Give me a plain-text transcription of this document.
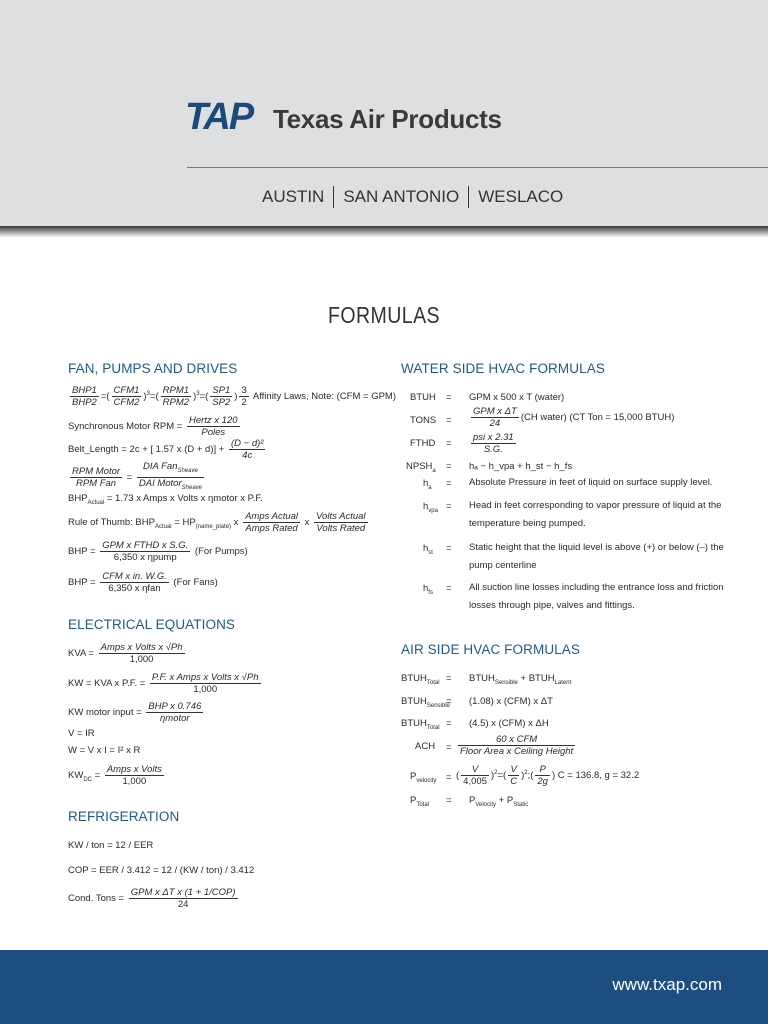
TAP Texas Air Products
AUSTIN	SAN ANTONIO	WESLACO
FORMULAS
FAN, PUMPS AND DRIVES
$\frac{\text{BHP1}}{\text{BHP2}}$ =( $\frac{\text{CFM1}}{\text{CFM2}} )^3=( \frac{\text{RPM1}}{\text{RPM2}} )^3=( \frac{SP1}{SP2}$ ) $\frac{3}{2}$ Affinity Laws, Note: (CFM = GPM)
Synchronous Motor RPM = $\frac{\text{Hertz x 120}}{\text{Poles}}$
Belt_Length = 2c + [ 1.57 x $(D + d)] + \frac{\text{(D − d)²}}{4c}$
$\frac{\text{RPM Motor}}{\text{RPM Fan}} = \frac{DIA Fan_{Sheave}}{DAI Motor_{Sheave}}$
$BHP_{Actual} = 1.73$ x Amps x Volts x ηmotor x P.F.
Rule of Thumb: $BHP_{Actual} = HP_{(name\_plate)}$ x $\frac{\text{Amps Actual}}{\text{Amps Rated}}$ x $\frac{\text{Volts Actual}}{\text{Volts Rated}}$
BHP = $\frac{\text{GPM x FTHD x S.G.}}{\text{6,350 x ηpump}} (For$ Pumps)
BHP = $\frac{\text{CFM x in. W.G.}}{\text{6,350 x ηfan}} (For$ Fans)
ELECTRICAL EQUATIONS
KVA = $\frac{\text{Amps x Volts x √Ph}}{1,000}$
KW = KVA x P.F. = $\frac{\text{P.F. x Amps x Volts x √Ph}}{1,000}$
KW motor input = $\frac{\text{BHP x 0.746}}{\text{ηmotor}}$
V = IR
W = V x I = I² x R
$KW_{DC} = \frac{\text{Amps x Volts}}{1,000}$
REFRIGERATION
KW / ton = 12 / EER
COP = EER / 3.412 = 12 / (KW / ton) / 3.412
Cond. Tons = $\frac{\text{GPM x ΔT x (1 + 1/COP)}}{24}$
WATER SIDE HVAC FORMULAS
BTUH = GPM x 500 x T (water)
TONS = $\frac{\text{GPM x ΔT}}{24} (CH$ water) (CT Ton = 15,000 BTUH)
FTHD = $\frac{\text{psi x 2.31}}{S.G.}$
$NPSH_a = h_a$ − h_vpa + h_st − h_fs
$h_a$ = Absolute Pressure in feet of liquid on surface supply level.
$h_{vpa}$ = Head in feet corresponding to vapor pressure of liquid at the temperature being pumped.
$h_{st}$ = Static height that the liquid level is above (+) or below (–) the pump centerline
$h_{fs}$ = All suction line losses including the entrance loss and friction losses through pipe, valves and fittings.
AIR SIDE HVAC FORMULAS
$BTUH_{Total}$ = $BTUH_{Sensible}$ + $BTUH_{Latent}$
$BTUH_{Sensible}$
= (1.08) x (CFM) x ΔT
$BTUH_{Total} = (4.5)$ x (CFM) x ΔH
ACH = $\frac{\text{60 x CFM}}{\text{Floor Area x Ceiling Height}}$
$P_{velocity}$ = ( $\frac{V}{4,005} )^2=( \frac{V}{C}$ )$^2;( \frac{P}{2g}$ ) C = 136.8, g = 32.2
$P_{Total} = P_{Velocity} + P_{Static}$
www.txap.com
